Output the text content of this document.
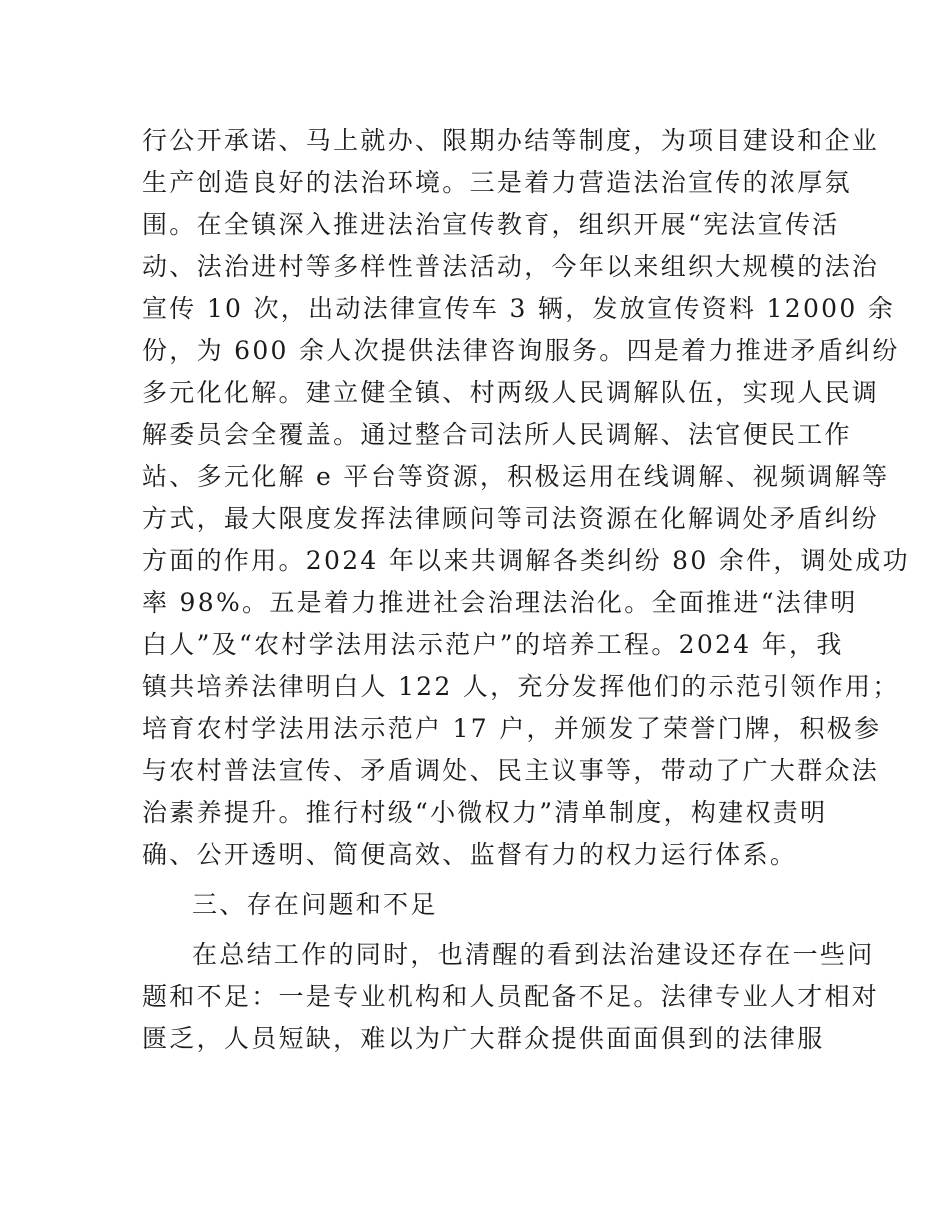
行公开承诺、马上就办、限期办结等制度，为项目建设和企业
生产创造良好的法治环境。三是着力营造法治宣传的浓厚氛
围。在全镇深入推进法治宣传教育，组织开展“宪法宣传活
动、法治进村等多样性普法活动，今年以来组织大规模的法治
宣传 10 次，出动法律宣传车 3 辆，发放宣传资料 12000 余
份，为 600 余人次提供法律咨询服务。四是着力推进矛盾纠纷
多元化化解。建立健全镇、村两级人民调解队伍，实现人民调
解委员会全覆盖。通过整合司法所人民调解、法官便民工作
站、多元化解 e 平台等资源，积极运用在线调解、视频调解等
方式，最大限度发挥法律顾问等司法资源在化解调处矛盾纠纷
方面的作用。2024 年以来共调解各类纠纷 80 余件，调处成功
率 98%。五是着力推进社会治理法治化。全面推进“法律明
白人”及“农村学法用法示范户”的培养工程。2024 年，我
镇共培养法律明白人 122 人，充分发挥他们的示范引领作用；
培育农村学法用法示范户 17 户，并颁发了荣誉门牌，积极参
与农村普法宣传、矛盾调处、民主议事等，带动了广大群众法
治素养提升。推行村级“小微权力”清单制度，构建权责明
确、公开透明、简便高效、监督有力的权力运行体系。
三、存在问题和不足
在总结工作的同时，也清醒的看到法治建设还存在一些问
题和不足：一是专业机构和人员配备不足。法律专业人才相对
匮乏，人员短缺，难以为广大群众提供面面俱到的法律服
